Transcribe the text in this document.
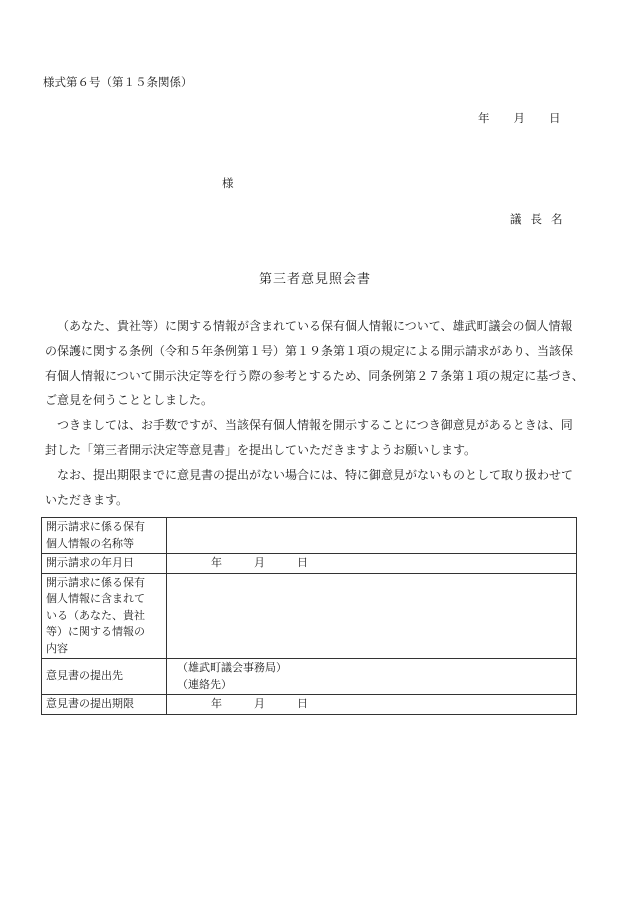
様式第６号（第１５条関係）
年 月 日
様
議長名
第三者意見照会書
（あなた、貴社等）に関する情報が含まれている保有個人情報について、雄武町議会の個人情報
の保護に関する条例（令和５年条例第１号）第１９条第１項の規定による開示請求があり、当該保
有個人情報について開示決定等を行う際の参考とするため、同条例第２７条第１項の規定に基づき、
ご意見を伺うこととしました。
つきましては、お手数ですが、当該保有個人情報を開示することにつき御意見があるときは、同
封した「第三者開示決定等意見書」を提出していただきますようお願いします。
なお、提出期限までに意見書の提出がない場合には、特に御意見がないものとして取り扱わせて
いただきます。
開示請求に係る保有
個人情報の名称等	

開示請求の年月日	年 月 日

開示請求に係る保有
個人情報に含まれて
いる（あなた、貴社
等）に関する情報の
内容	

意見書の提出先	（雄武町議会事務局）
（連絡先）

意見書の提出期限	年 月 日
